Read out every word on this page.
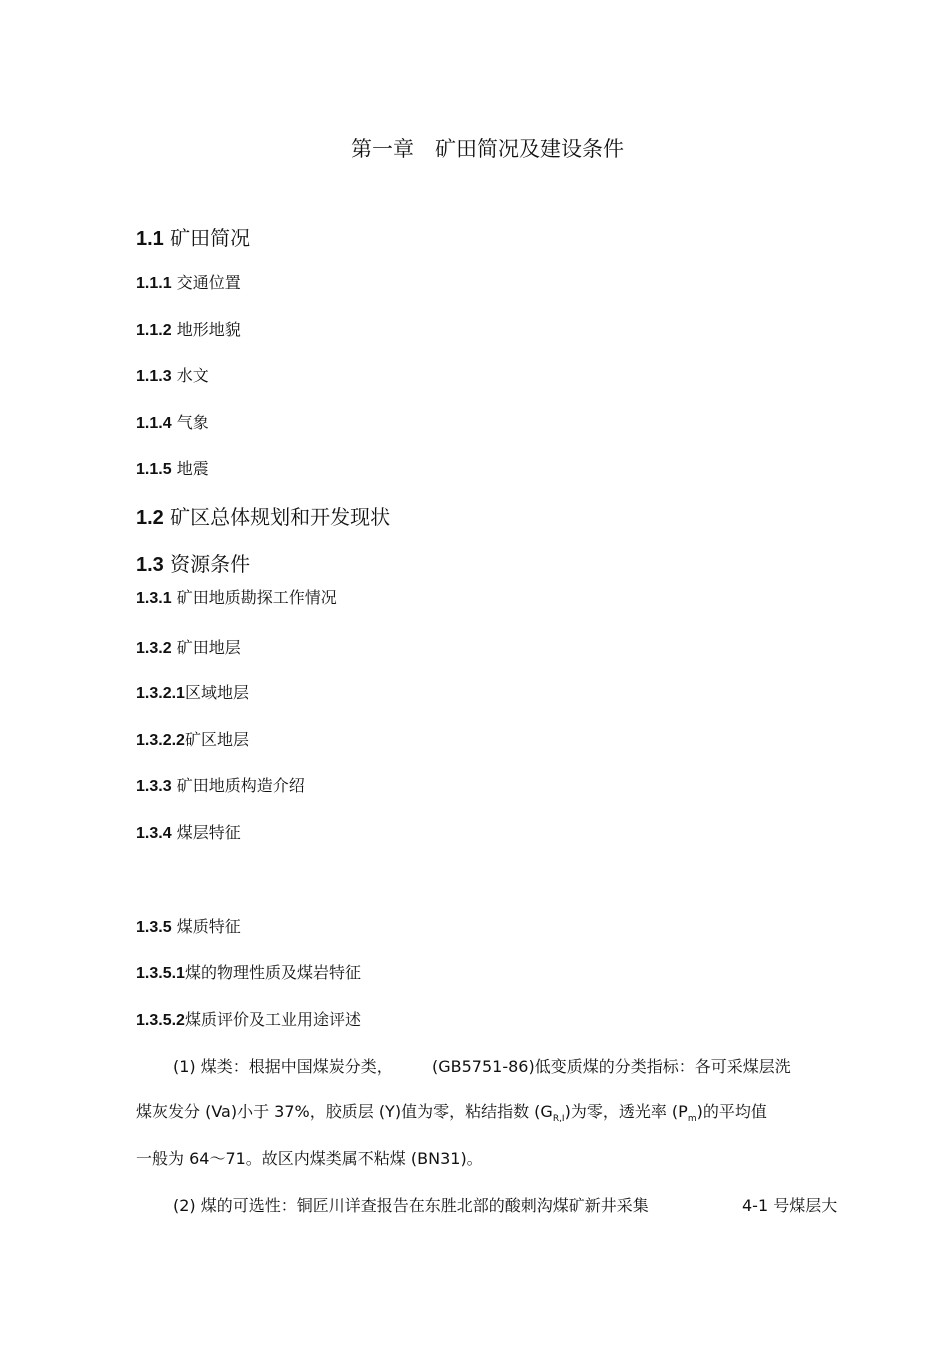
第一章　矿田简况及建设条件
1.1 矿田简况
1.1.1 交通位置
1.1.2 地形地貌
1.1.3 水文
1.1.4 气象
1.1.5 地震
1.2 矿区总体规划和开发现状
1.3 资源条件
1.3.1 矿田地质勘探工作情况
1.3.2 矿田地层
1.3.2.1区域地层
1.3.2.2矿区地层
1.3.3 矿田地质构造介绍
1.3.4 煤层特征
1.3.5 煤质特征
1.3.5.1煤的物理性质及煤岩特征
1.3.5.2煤质评价及工业用途评述
(1) 煤类：根据中国煤炭分类， (GB5751-86)低变质煤的分类指标：各可采煤层洗
煤灰发分 (Va)小于 37%，胶质层 (Y)值为零，粘结指数 $(G_{R,I})$为零，透光率 $(P_m)$的平均值
一般为 64～71。故区内煤类属不粘煤 (BN31)。
(2) 煤的可选性：铜匠川详查报告在东胜北部的酸刺沟煤矿新井采集	4-1 号煤层大
